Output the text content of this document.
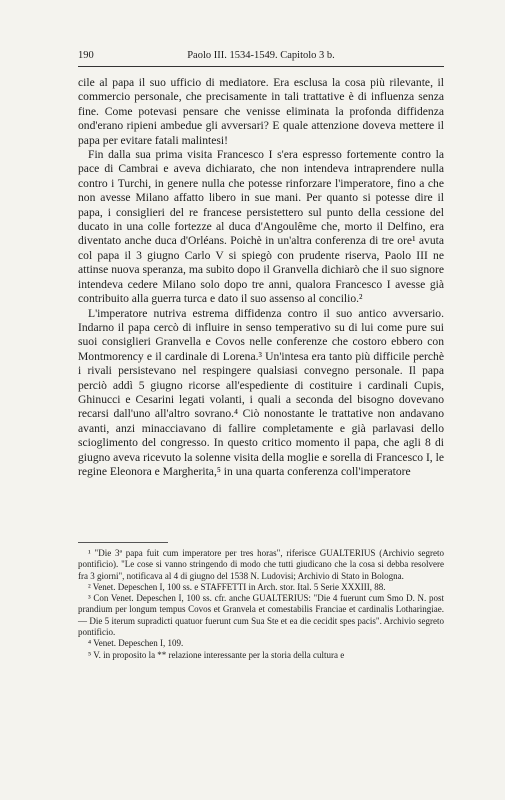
190	Paolo III. 1534-1549. Capitolo 3 b.

cile al papa il suo ufficio di mediatore. Era esclusa la cosa più rilevante, il commercio personale, che precisamente in tali trattative è di influenza senza fine. Come potevasi pensare che venisse eliminata la profonda diffidenza ond'erano ripieni ambedue gli avversari? E quale attenzione doveva mettere il papa per evitare fatali malintesi!

Fin dalla sua prima visita Francesco I s'era espresso fortemente contro la pace di Cambrai e aveva dichiarato, che non intendeva intraprendere nulla contro i Turchi, in genere nulla che potesse rinforzare l'imperatore, fino a che non avesse Milano affatto libero in sue mani. Per quanto si potesse dire il papa, i consiglieri del re francese persistettero sul punto della cessione del ducato in una colle fortezze al duca d'Angoulême che, morto il Delfino, era diventato anche duca d'Orléans. Poichè in un'altra conferenza di tre ore¹ avuta col papa il 3 giugno Carlo V si spiegò con prudente riserva, Paolo III ne attinse nuova speranza, ma subito dopo il Granvella dichiarò che il suo signore intendeva cedere Milano solo dopo tre anni, qualora Francesco I avesse già contribuito alla guerra turca e dato il suo assenso al concilio.²

L'imperatore nutriva estrema diffidenza contro il suo antico avversario. Indarno il papa cercò di influire in senso temperativo su di lui come pure sui suoi consiglieri Granvella e Covos nelle conferenze che costoro ebbero con Montmorency e il cardinale di Lorena.³ Un'intesa era tanto più difficile perchè i rivali persistevano nel respingere qualsiasi convegno personale. Il papa perciò addì 5 giugno ricorse all'espediente di costituire i cardinali Cupis, Ghinucci e Cesarini legati volanti, i quali a seconda del bisogno dovevano recarsi dall'uno all'altro sovrano.⁴ Ciò nonostante le trattative non andavano avanti, anzi minacciavano di fallire completamente e già parlavasi dello scioglimento del congresso. In questo critico momento il papa, che agli 8 di giugno aveva ricevuto la solenne visita della moglie e sorella di Francesco I, le regine Eleonora e Margherita,⁵ in una quarta conferenza coll'imperatore

¹ "Die 3ª papa fuit cum imperatore per tres horas", riferisce GUALTERIUS (Archivio segreto pontificio). "Le cose si vanno stringendo di modo che tutti giudicano che la cosa si debba resolvere fra 3 giorni", notificava al 4 di giugno del 1538 N. Ludovisi; Archivio di Stato in Bologna.

² Venet. Depeschen I, 100 ss. e STAFFETTI in Arch. stor. Ital. 5 Serie XXXIII, 88.

³ Con Venet. Depeschen I, 100 ss. cfr. anche GUALTERIUS: "Die 4 fuerunt cum Smo D. N. post prandium per longum tempus Covos et Granvela et comestabilis Franciae et cardinalis Lotharingiae. — Die 5 iterum supradicti quatuor fuerunt cum Sua Ste et ea die cecidit spes pacis". Archivio segreto pontificio.

⁴ Venet. Depeschen I, 109.

⁵ V. in proposito la ** relazione interessante per la storia della cultura e
